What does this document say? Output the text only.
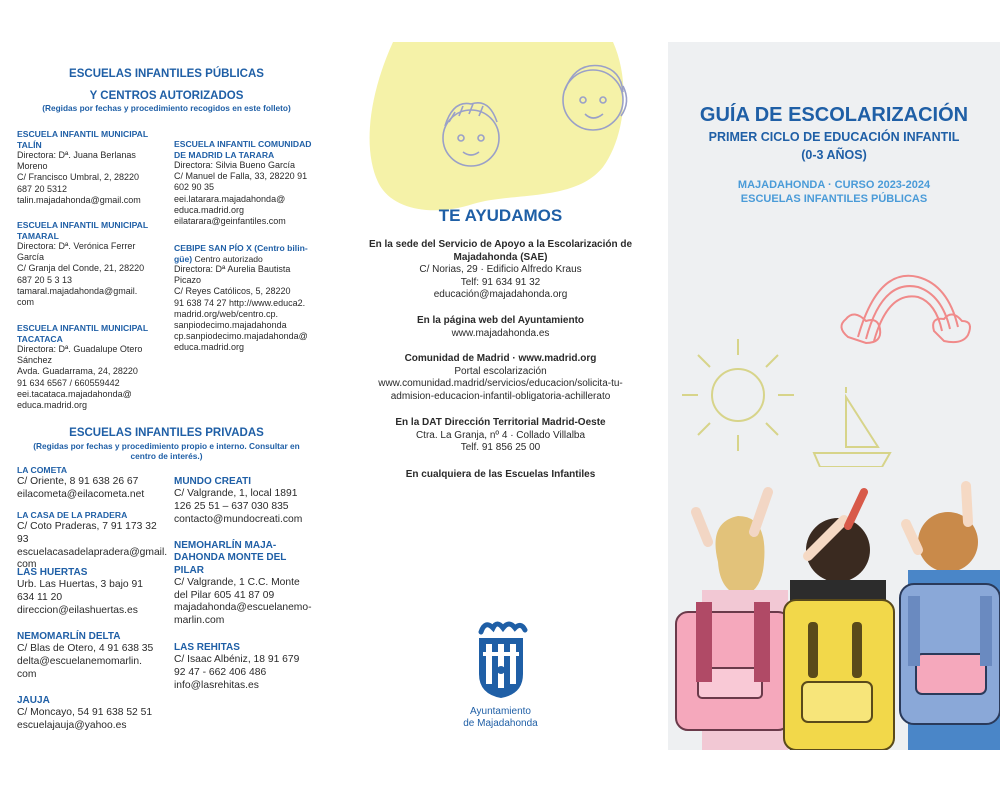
ESCUELAS INFANTILES PÚBLICAS
Y CENTROS AUTORIZADOS
(Regidas por fechas y procedimiento recogidos en este folleto)
ESCUELA INFANTIL MUNICIPAL
TALÍN
Directora: Dª. Juana Berlanas
Moreno
C/ Francisco Umbral, 2, 28220
687 20 5312
talin.majadahonda@gmail.com
ESCUELA INFANTIL MUNICIPAL
TAMARAL
Directora: Dª. Verónica Ferrer
García
C/ Granja del Conde, 21, 28220
687 20 5 3 13
tamaral.majadahonda@gmail.
com
ESCUELA INFANTIL MUNICIPAL
TACATACA
Directora: Dª. Guadalupe Otero
Sánchez
Avda. Guadarrama, 24, 28220
91 634 6567 / 660559442
eei.tacataca.majadahonda@
educa.madrid.org
ESCUELA INFANTIL COMUNIDAD
DE MADRID LA TARARA
Directora: Silvia Bueno García
C/ Manuel de Falla, 33, 28220 91
602 90 35
eei.latarara.majadahonda@
educa.madrid.org
eilatarara@geinfantiles.com
CEBIPE SAN PÍO X (Centro bilin-
güe) Centro autorizado
Directora: Dª Aurelia Bautista
Picazo
C/ Reyes Católicos, 5, 28220
91 638 74 27 http://www.educa2.
madrid.org/web/centro.cp.
sanpiodecimo.majadahonda
cp.sanpiodecimo.majadahonda@
educa.madrid.org
ESCUELAS INFANTILES PRIVADAS
(Regidas por fechas y procedimiento propio e interno. Consultar en
centro de interés.)
LA COMETA
C/ Oriente, 8 91 638 26 67
eilacometa@eilacometa.net
LA CASA DE LA PRADERA
C/ Coto Praderas, 7 91 173 32 93
escuelacasadelapradera@gmail.
com
LAS HUERTAS
Urb. Las Huertas, 3 bajo 91
634 11 20
direccion@eilashuertas.es
NEMOMARLÍN DELTA
C/ Blas de Otero, 4 91 638 35
delta@escuelanemomarlin.
com
JAUJA
C/ Moncayo, 54 91 638 52 51
escuelajauja@yahoo.es
MUNDO CREATI
C/ Valgrande, 1, local 1891
126 25 51 – 637 030 835
contacto@mundocreati.com
NEMOHARLÍN MAJA-
DAHONDA MONTE DEL
PILAR
C/ Valgrande, 1 C.C. Monte
del Pilar 605 41 87 09
majadahonda@escuelanemo-
marlin.com
LAS REHITAS
C/ Isaac Albéniz, 18 91 679
92 47 - 662 406 486
info@lasrehitas.es
TE AYUDAMOS
En la sede del Servicio de Apoyo a la Escolarización de
Majadahonda (SAE)
C/ Norias, 29 · Edificio Alfredo Kraus
Telf: 91 634 91 32
educación@majadahonda.org
En la página web del Ayuntamiento
www.majadahonda.es
Comunidad de Madrid · www.madrid.org
Portal escolarización
www.comunidad.madrid/servicios/educacion/solicita-tu-
admision-educacion-infantil-obligatoria-achillerato
En la DAT Dirección Territorial Madrid-Oeste
Ctra. La Granja, nº 4 · Collado Villalba
Telf. 91 856 25 00
En cualquiera de las Escuelas Infantiles
Ayuntamiento
de Majadahonda
GUÍA DE ESCOLARIZACIÓN
PRIMER CICLO DE EDUCACIÓN INFANTIL
(0-3 AÑOS)
MAJADAHONDA · CURSO 2023-2024
ESCUELAS INFANTILES PÚBLICAS
